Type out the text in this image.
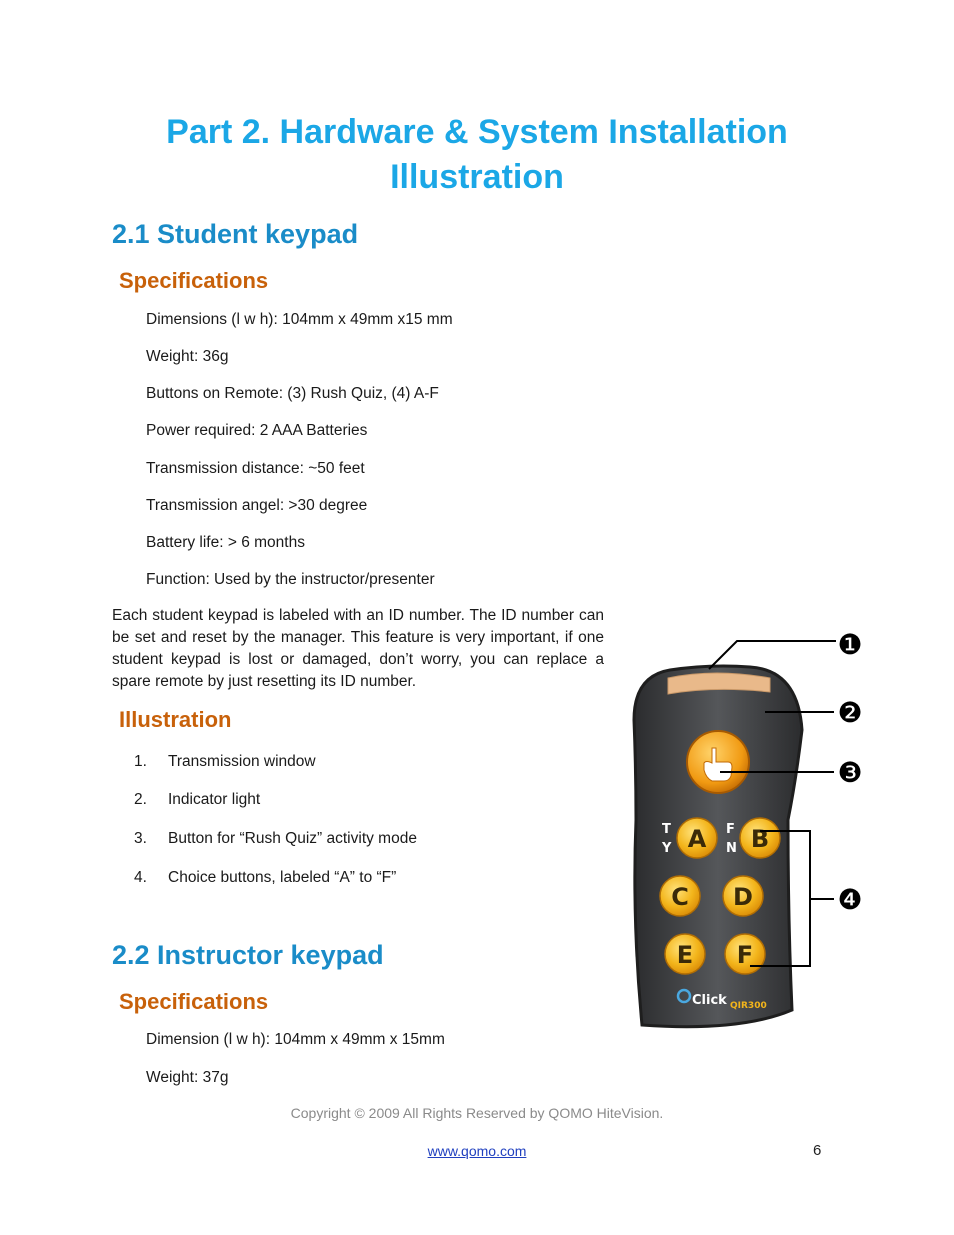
Part 2. Hardware & System Installation
Illustration
2.1 Student keypad
Specifications
Dimensions (l w h): 104mm x 49mm x15 mm
Weight: 36g
Buttons on Remote: (3) Rush Quiz, (4) A-F
Power required: 2 AAA Batteries
Transmission distance: ~50 feet
Transmission angel: >30 degree
Battery life: > 6 months
Function: Used by the instructor/presenter
Each student keypad is labeled with an ID number. The ID number can be set and reset by the manager. This feature is very important, if one student keypad is lost or damaged, don’t worry, you can replace a spare remote by just resetting its ID number.
Illustration
1. Transmission window
2. Indicator light
3. Button for “Rush Quiz” activity mode
4. Choice buttons, labeled “A” to “F”
2.2 Instructor keypad
Specifications
Dimension (l w h): 104mm x 49mm x 15mm
Weight: 37g
T
Y
F
N
A B
C D
E F
Click QIR300
❶
❷
❸
❹
Copyright © 2009 All Rights Reserved by QOMO HiteVision.
www.qomo.com	6
